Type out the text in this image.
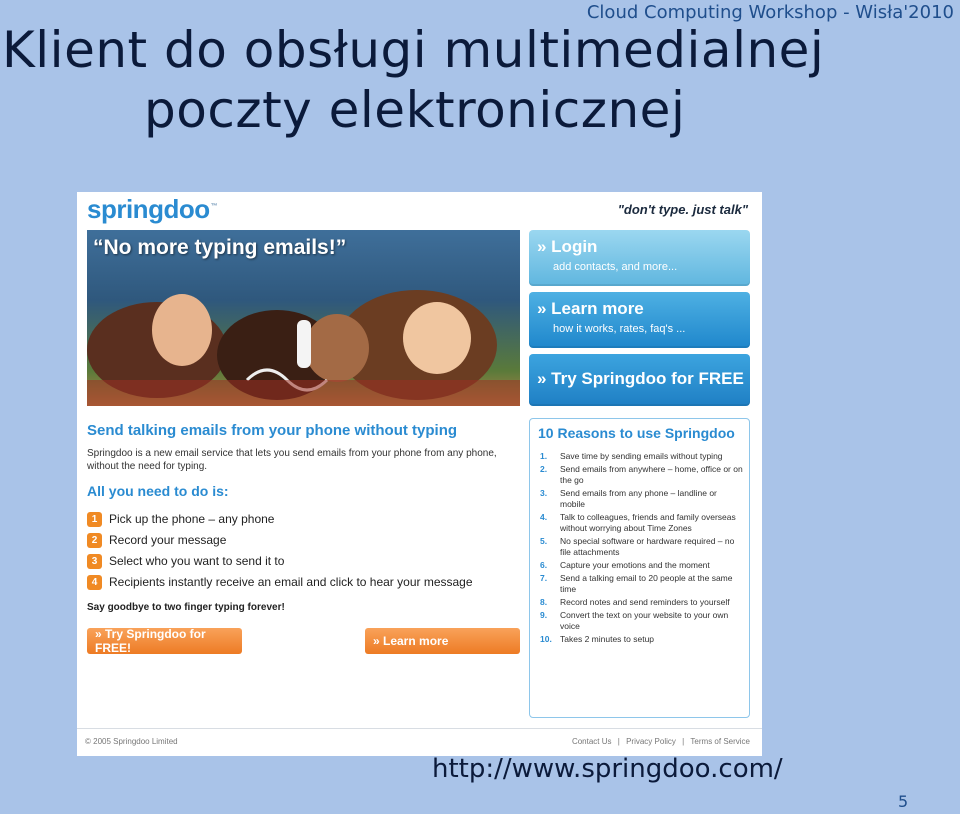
Cloud Computing Workshop - Wisła'2010
Klient do obsługi multimedialnej
poczty elektronicznej
springdoo™	"don't type. just talk"
“No more typing emails!”	» Login
add contacts, and more...
» Learn more
how it works, rates, faq's ...
» Try Springdoo for FREE
Send talking emails from your phone without typing
Springdoo is a new email service that lets you send emails from your phone from any phone, without the need for typing.
All you need to do is:
1 Pick up the phone – any phone
2 Record your message
3 Select who you want to send it to
4 Recipients instantly receive an email and click to hear your message
Say goodbye to two finger typing forever!
» Try Springdoo for FREE!	» Learn more
10 Reasons to use Springdoo
1.	Save time by sending emails without typing
2.	Send emails from anywhere – home, office or on the go
3.	Send emails from any phone – landline or mobile
4.	Talk to colleagues, friends and family overseas without worrying about Time Zones
5.	No special software or hardware required – no file attachments
6.	Capture your emotions and the moment
7.	Send a talking email to 20 people at the same time
8.	Record notes and send reminders to yourself
9.	Convert the text on your website to your own voice
10. Takes 2 minutes to setup
© 2005 Springdoo Limited	Contact Us | Privacy Policy | Terms of Service
http://www.springdoo.com/
5
